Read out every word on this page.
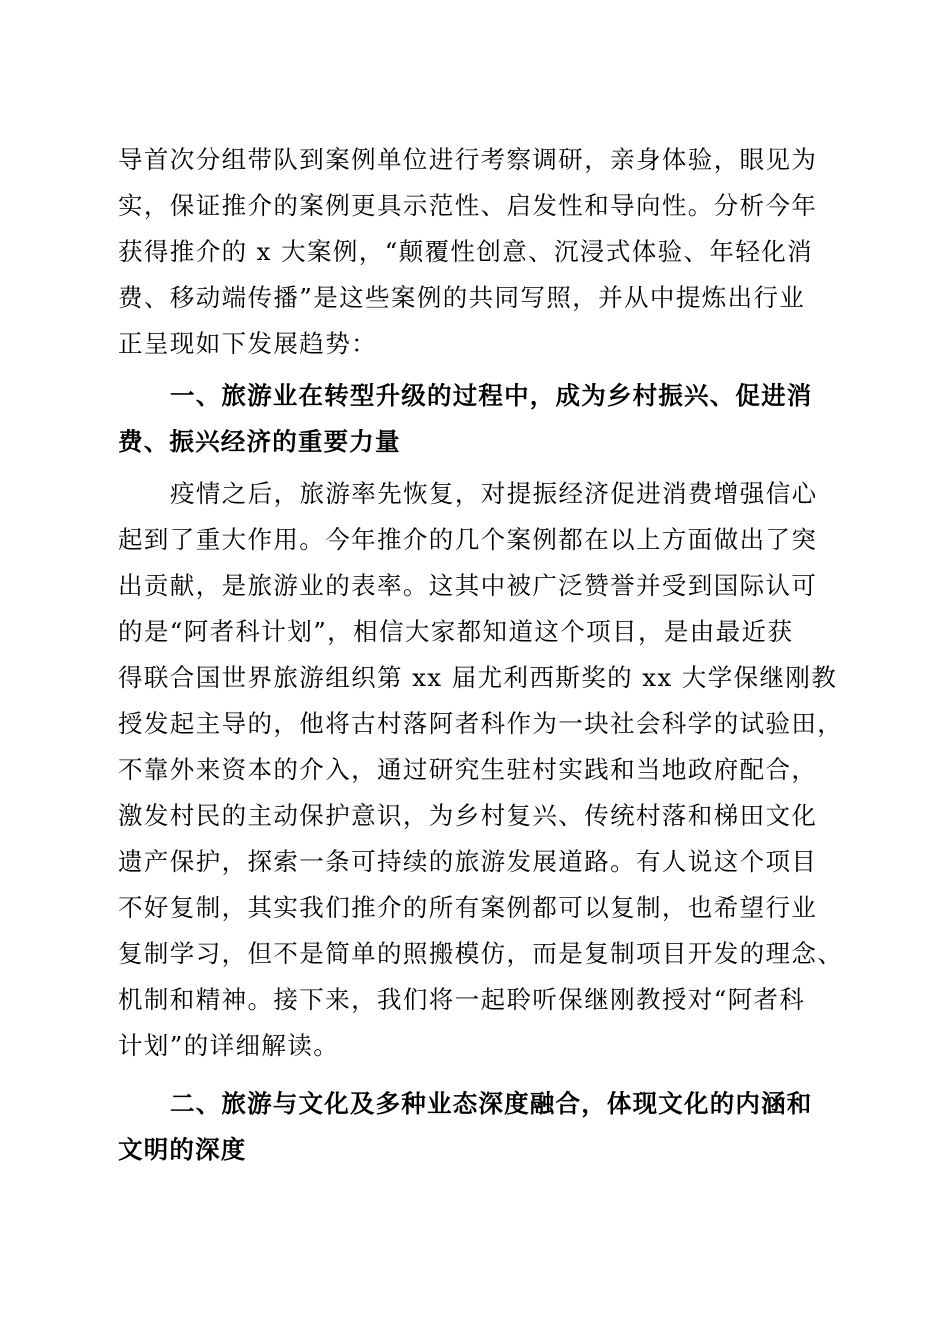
导首次分组带队到案例单位进行考察调研，亲身体验，眼见为
实，保证推介的案例更具示范性、启发性和导向性。分析今年
获得推介的 x 大案例，“颠覆性创意、沉浸式体验、年轻化消
费、移动端传播”是这些案例的共同写照，并从中提炼出行业
正呈现如下发展趋势：
一、旅游业在转型升级的过程中，成为乡村振兴、促进消
费、振兴经济的重要力量
疫情之后，旅游率先恢复，对提振经济促进消费增强信心
起到了重大作用。今年推介的几个案例都在以上方面做出了突
出贡献，是旅游业的表率。这其中被广泛赞誉并受到国际认可
的是“阿者科计划”，相信大家都知道这个项目，是由最近获
得联合国世界旅游组织第 xx 届尤利西斯奖的 xx 大学保继刚教
授发起主导的，他将古村落阿者科作为一块社会科学的试验田，
不靠外来资本的介入，通过研究生驻村实践和当地政府配合，
激发村民的主动保护意识，为乡村复兴、传统村落和梯田文化
遗产保护，探索一条可持续的旅游发展道路。有人说这个项目
不好复制，其实我们推介的所有案例都可以复制，也希望行业
复制学习，但不是简单的照搬模仿，而是复制项目开发的理念、
机制和精神。接下来，我们将一起聆听保继刚教授对“阿者科
计划”的详细解读。
二、旅游与文化及多种业态深度融合，体现文化的内涵和
文明的深度
